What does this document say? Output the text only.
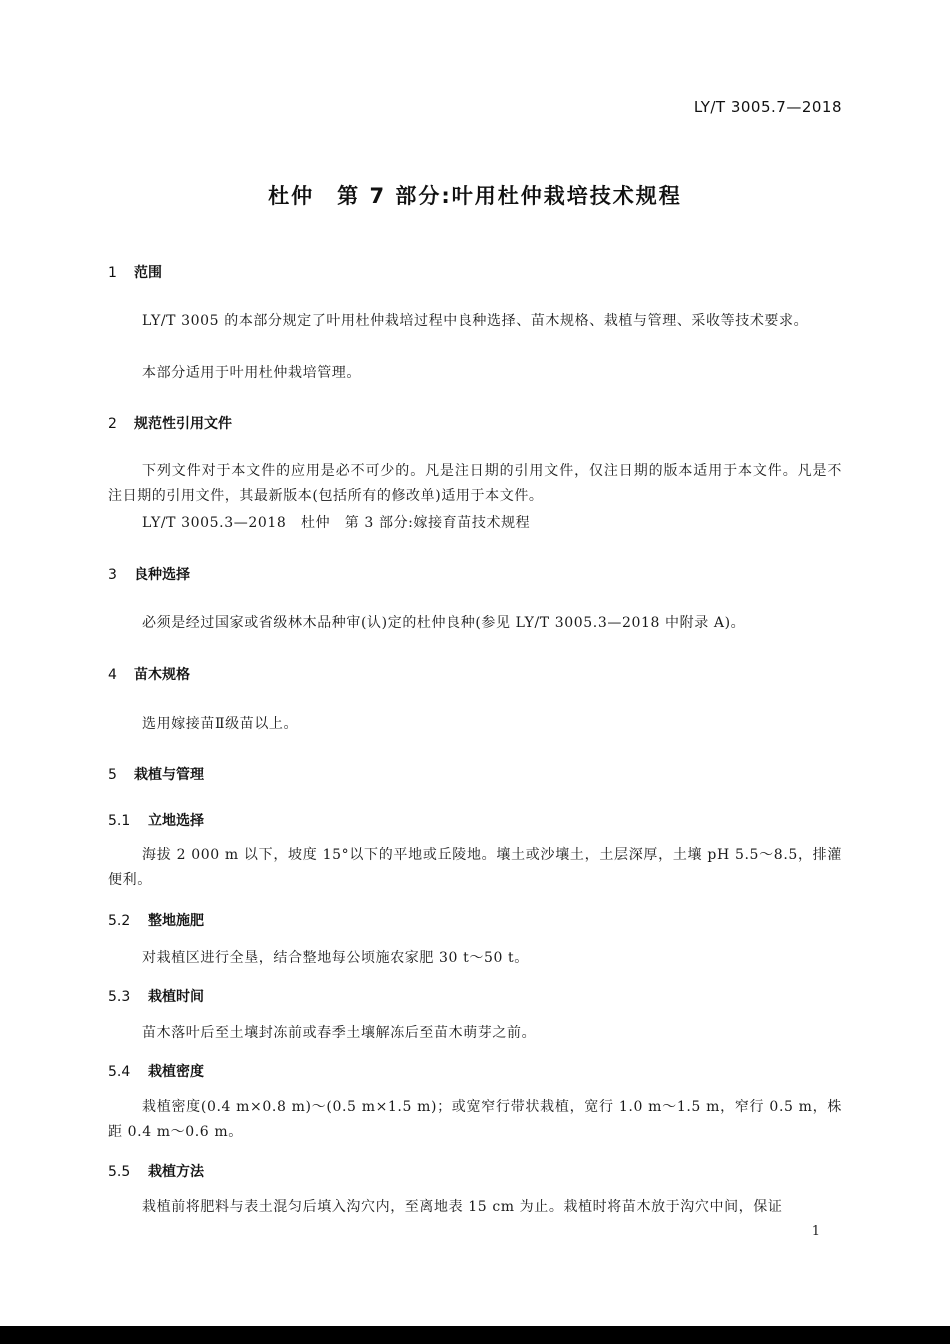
LY/T 3005.7—2018
杜仲　第 7 部分:叶用杜仲栽培技术规程
1 范围

LY/T 3005 的本部分规定了叶用杜仲栽培过程中良种选择、苗木规格、栽植与管理、采收等技术要求。

本部分适用于叶用杜仲栽培管理。
2 规范性引用文件

下列文件对于本文件的应用是必不可少的。凡是注日期的引用文件，仅注日期的版本适用于本文件。凡是不注日期的引用文件，其最新版本(包括所有的修改单)适用于本文件。

LY/T 3005.3—2018　杜仲　第 3 部分:嫁接育苗技术规程
3 良种选择
必须是经过国家或省级林木品种审(认)定的杜仲良种(参见 LY/T 3005.3—2018 中附录 A)。
4 苗木规格
选用嫁接苗Ⅱ级苗以上。
5 栽植与管理
5.1 立地选择

海拔 2 000 m 以下，坡度 15°以下的平地或丘陵地。壤土或沙壤土，土层深厚，土壤 pH 5.5～8.5，排灌便利。

5.2 整地施肥
对栽植区进行全垦，结合整地每公顷施农家肥 30 t～50 t。
5.3 栽植时间
苗木落叶后至土壤封冻前或春季土壤解冻后至苗木萌芽之前。
5.4 栽植密度

栽植密度(0.4 m×0.8 m)～(0.5 m×1.5 m)；或宽窄行带状栽植，宽行 1.0 m～1.5 m，窄行 0.5 m，株距 0.4 m～0.6 m。

5.5 栽植方法

栽植前将肥料与表土混匀后填入沟穴内，至离地表 15 cm 为止。栽植时将苗木放于沟穴中间，保证

1
